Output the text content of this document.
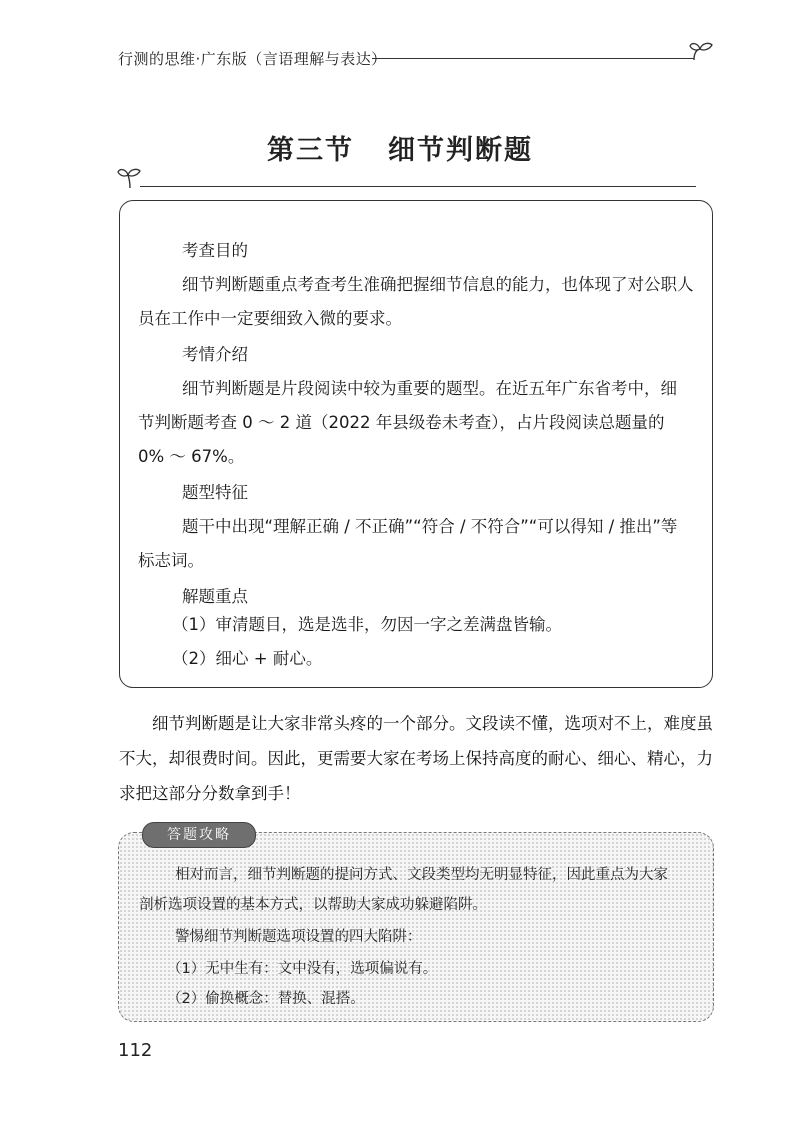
行测的思维·广东版（言语理解与表达）
第三节 细节判断题
考查目的
细节判断题重点考查考生准确把握细节信息的能力，也体现了对公职人
员在工作中一定要细致入微的要求。
考情介绍
细节判断题是片段阅读中较为重要的题型。在近五年广东省考中，细
节判断题考查 0 ～ 2 道（2022 年县级卷未考查），占片段阅读总题量的
0% ～ 67%。
题型特征
题干中出现“理解正确 / 不正确”“符合 / 不符合”“可以得知 / 推出”等
标志词。
解题重点
（1）审清题目，选是选非，勿因一字之差满盘皆输。
（2）细心 + 耐心。
细节判断题是让大家非常头疼的一个部分。文段读不懂，选项对不上，难度虽不大，却很费时间。因此，更需要大家在考场上保持高度的耐心、细心、精心，力求把这部分分数拿到手！
相对而言，细节判断题的提问方式、文段类型均无明显特征，因此重点为大家
剖析选项设置的基本方式，以帮助大家成功躲避陷阱。
警惕细节判断题选项设置的四大陷阱：
（1）无中生有：文中没有，选项偏说有。
（2）偷换概念：替换、混搭。
答题攻略
112
